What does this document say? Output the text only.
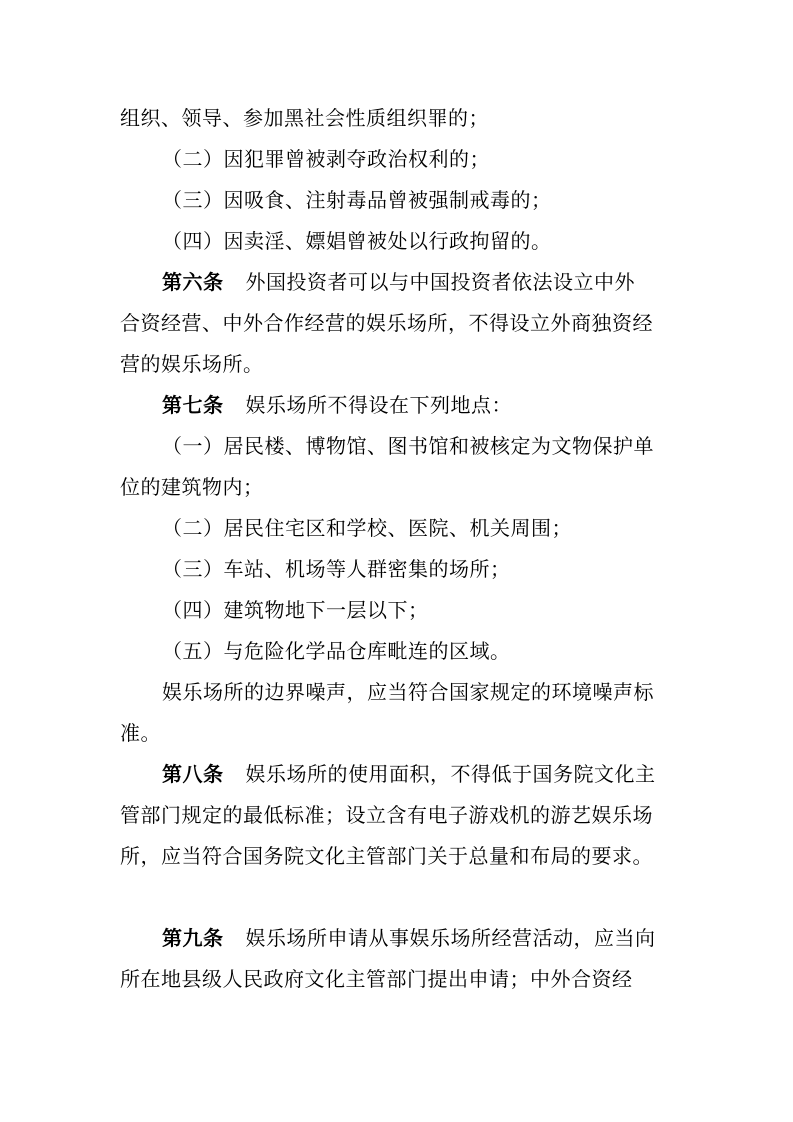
组织、领导、参加黑社会性质组织罪的；
（二）因犯罪曾被剥夺政治权利的；
（三）因吸食、注射毒品曾被强制戒毒的；
（四）因卖淫、嫖娼曾被处以行政拘留的。
第六条 外国投资者可以与中国投资者依法设立中外
合资经营、中外合作经营的娱乐场所，不得设立外商独资经
营的娱乐场所。
第七条 娱乐场所不得设在下列地点：
（一）居民楼、博物馆、图书馆和被核定为文物保护单
位的建筑物内；
（二）居民住宅区和学校、医院、机关周围；
（三）车站、机场等人群密集的场所；
（四）建筑物地下一层以下；
（五）与危险化学品仓库毗连的区域。
娱乐场所的边界噪声，应当符合国家规定的环境噪声标
准。
第八条 娱乐场所的使用面积，不得低于国务院文化主
管部门规定的最低标准；设立含有电子游戏机的游艺娱乐场
所，应当符合国务院文化主管部门关于总量和布局的要求。
第九条 娱乐场所申请从事娱乐场所经营活动，应当向
所在地县级人民政府文化主管部门提出申请；中外合资经
